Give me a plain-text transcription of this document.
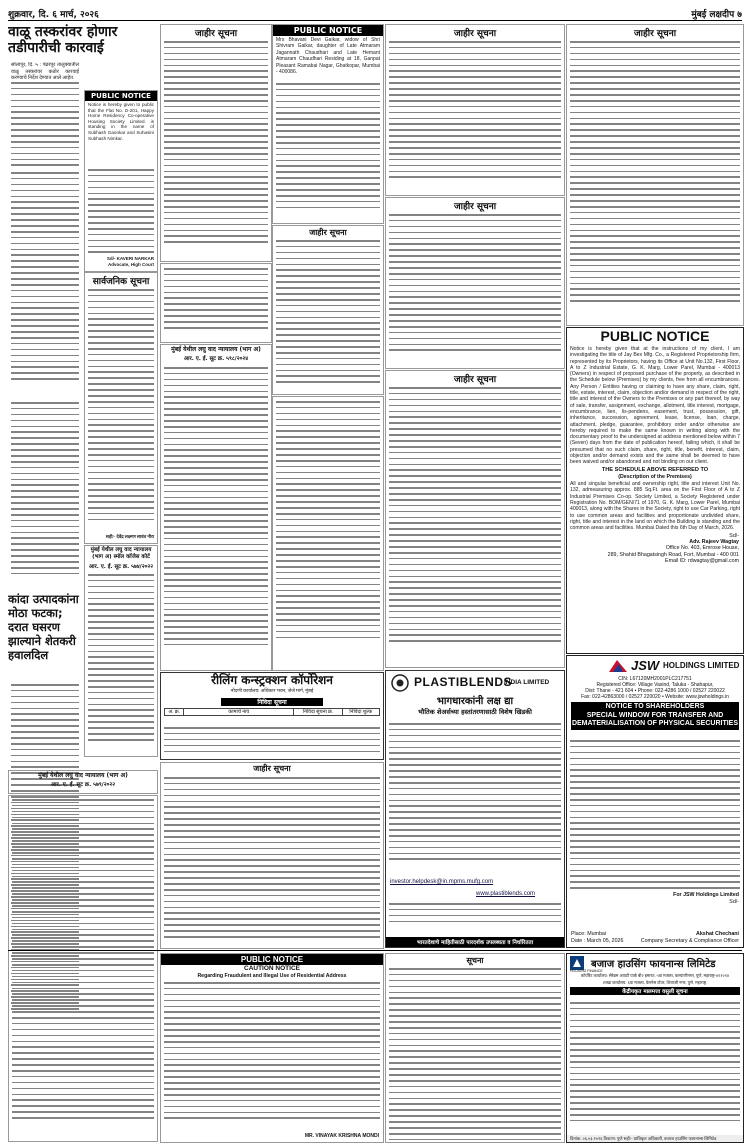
शुक्रवार, दि. ६ मार्च, २०२६	मुंबई लक्षदीप ७
वाळू तस्करांवर होणार तडीपारीची कारवाई
सोलापूर, दि. ५ : पंढरपूर तालुक्यातील वाळू तस्करांवर कठोर कारवाई करण्याचे निर्देश देण्यात आले आहेत.
PUBLIC NOTICE
Notice is hereby given to public that the Flat No. D-201, Happy Home Residency Co-operative Housing Society Limited. is standing in the name of Subhash Gaonkar and Suhasini Subhash Nimkar.
Sd/- KAVERI NARKAR Advocate, High Court
सार्वजनिक सूचना
सही/- देवेंद्र लक्ष्मण सावंत नीरा
कांदा उत्पादकांना मोठा फटका; दरात घसरण झाल्याने शेतकरी हवालदिल
मुंबई येथील लघु वाद न्यायालय (भाग अ) स्मॉल कॉजेस कोर्ट
आर. ए. ई. सूट क्र. ५७४/२०२२
मुंबई येथील लघु वाद न्यायालय (भाग अ)
आर. ए. ई. सूट क्र. ५७९/२०२२
जाहीर सूचना	PUBLIC NOTICE
Mrs Bhavani Devi Gaikar, widow of Shri Shivram Gaikar, daughter of Late Atmaram Jagannath Chaudhari and Late Hemant Atmaram Chaudhari Residing at 18, Ganpat Pleasant Ramabai Nagar, Ghatkopar, Mumbai - 400086.
जाहीर सूचना
मुंबई येथील लघु वाद न्यायालय (भाग अ)
आर. ए. ई. सूट क्र. ५९८/२०२४
रीलिंग कन्स्ट्रक्शन कॉर्पोरेशन
नोंदणी कार्यालय: अधिकार भवन, जेजे मार्ग, मुंबई
निविदा सूचना
अ. क्र.	कामाचे नाव	निविदा सूचना क्र.	निविदा शुल्क
जाहीर सूचना
जाहीर सूचना
जाहीर सूचना
जाहीर सूचना
PLASTIBLENDS
INDIA LIMITED
भागधारकांनी लक्ष द्या
भौतिक शेअर्सच्या हस्तांतरणासाठी विशेष खिडकी
investor.helpdesk@in.mpms.mufg.com
www.plastiblends.com
भारतदेशाचे माहितीसाठी पारदर्शक उपलब्धता व निर्धारितता
जाहीर सूचना
PUBLIC NOTICE
Notice is hereby given that at the instructions of my client, I am investigating the title of Jay Bex Mfg. Co., a Registered Proprietorship firm, represented by its Proprietors, having its Office at Unit No.132, First Floor, A to Z Industrial Estate, G. K. Marg, Lower Parel, Mumbai - 400013 (Owners) in respect of proposed purchase of the property, as described in the Schedule below (Premises) by my clients, free from all encumbrances. Any Person / Entities having or claiming to have any share, claim, right, title, estate, interest, claim, objection and/or demand in respect of the right, title and interest of the Owners to the Premises or any part thereof, by way of sale, transfer, assignment, exchange, allotment, title interest, mortgage, encumbrance, lien, lis-pendens, easement, trust, possession, gift, inheritance, succession, agreement, lease, license, loan, charge, attachment, pledge, guarantee, prohibitory order and/or otherwise are hereby required to make the same known in writing along with the documentary proof to the undersigned at address mentioned below within 7 (Seven) days from the date of publication hereof, failing which, it shall be presumed that no such claim, share, right, title, benefit, interest, claim, objection and/or demand exists and the same shall be deemed to have been waived and/or abandoned and not binding on our client.
THE SCHEDULE ABOVE REFERRED TO
(Description of the Premises)
All and singular beneficial and ownership right, title and interest Unit No. 132, admeasuring approx. 885 Sq.Ft. area on the First Floor of A to Z Industrial Premises Co-op. Society Limited, a Society Registered under Registration No. BOM/GEN/71 of 1970, G. K. Marg, Lower Parel, Mumbai 400013, along with the Shares in the Society, right to use Car Parking, right to use common areas and facilities and proportionate undivided share, right, title and interest in the land on which the Building is standing and the common areas and facilities. Mumbai Dated this 6th Day of March, 2026.
Sd/-
Adv. Rajeev Wagtay
Office No. 403, Emrose House,
289, Shahid Bhagatsingh Road, Fort, Mumbai - 400 001
Email ID: rdwagtay@gmail.com
JSW HOLDINGS LIMITED
CIN: L67120MH2001PLC217751
Registered Office: Village Vasind, Taluka - Shahapur,
Dist: Thane - 421 604 • Phone: 022-4286 1000 / 02527 220022
Fax: 022-42863000 / 02527 220020 • Website: www.jswholdings.in
NOTICE TO SHAREHOLDERS
SPECIAL WINDOW FOR TRANSFER AND
DEMATERIALISATION OF PHYSICAL SECURITIES
For JSW Holdings Limited
Sd/-
Place: Mumbai
Date : March 05, 2026
Akshat Chechani
Company Secretary & Compliance Officer
PUBLIC NOTICE
CAUTION NOTICE
Regarding Fraudulent and Illegal Use of Residential Address
MR. VINAYAK KRISHNA MONDI
सूचना
HOUSING FINANCE
बजाज हाउसिंग फायनान्स लिमिटेड
कॉर्पोरेट कार्यालय: सेरेब्रम आयटी पार्क बी२ इमारत, ५वा मजला, कल्याणीनगर, पुणे, महाराष्ट्र-४११०१४
शाखा कार्यालय: ६वा मजला, वेलनेस टॉवर, शिवाजी नगर, पुणे, महाराष्ट्र.
केंद्रीयकृत मालमत्ता वसुली सूचना
दिनांक: ०६.०३.२०२६ ठिकाण: पुणे सही/- प्राधिकृत अधिकारी, बजाज हाउसिंग फायनान्स लिमिटेड
